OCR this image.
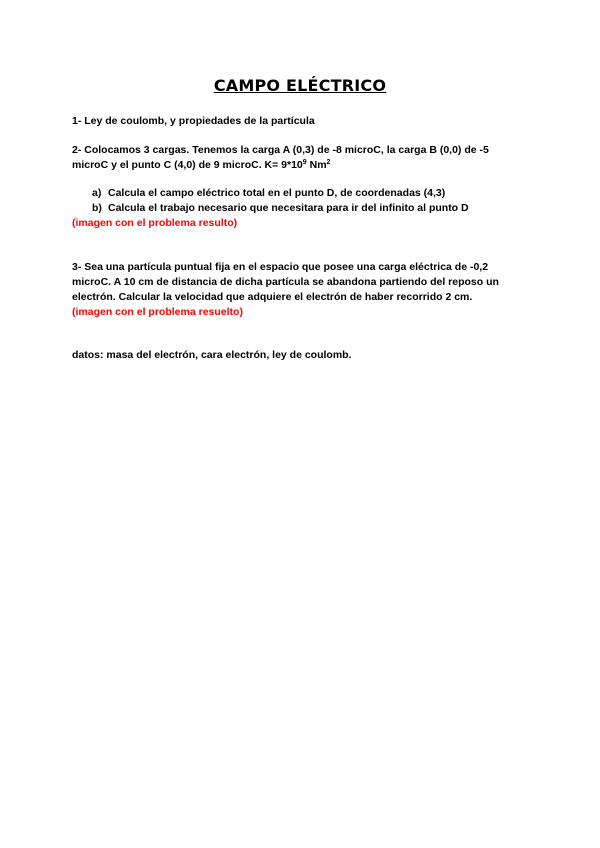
CAMPO ELÉCTRICO
1- Ley de coulomb, y propiedades de la partícula
2- Colocamos 3 cargas. Tenemos la carga A (0,3) de -8 microC, la carga B (0,0) de -5
microC y el punto C (4,0) de 9 microC. $K= 9*10^9$ Nm$^2$
a) Calcula el campo eléctrico total en el punto D, de coordenadas (4,3)
b) Calcula el trabajo necesario que necesitara para ir del infinito al punto D
(imagen con el problema resulto)
3- Sea una partícula puntual fija en el espacio que posee una carga eléctrica de -0,2
microC. A 10 cm de distancia de dicha partícula se abandona partiendo del reposo un
electrón. Calcular la velocidad que adquiere el electrón de haber recorrido 2 cm.
(imagen con el problema resuelto)
datos: masa del electrón, cara electrón, ley de coulomb.
